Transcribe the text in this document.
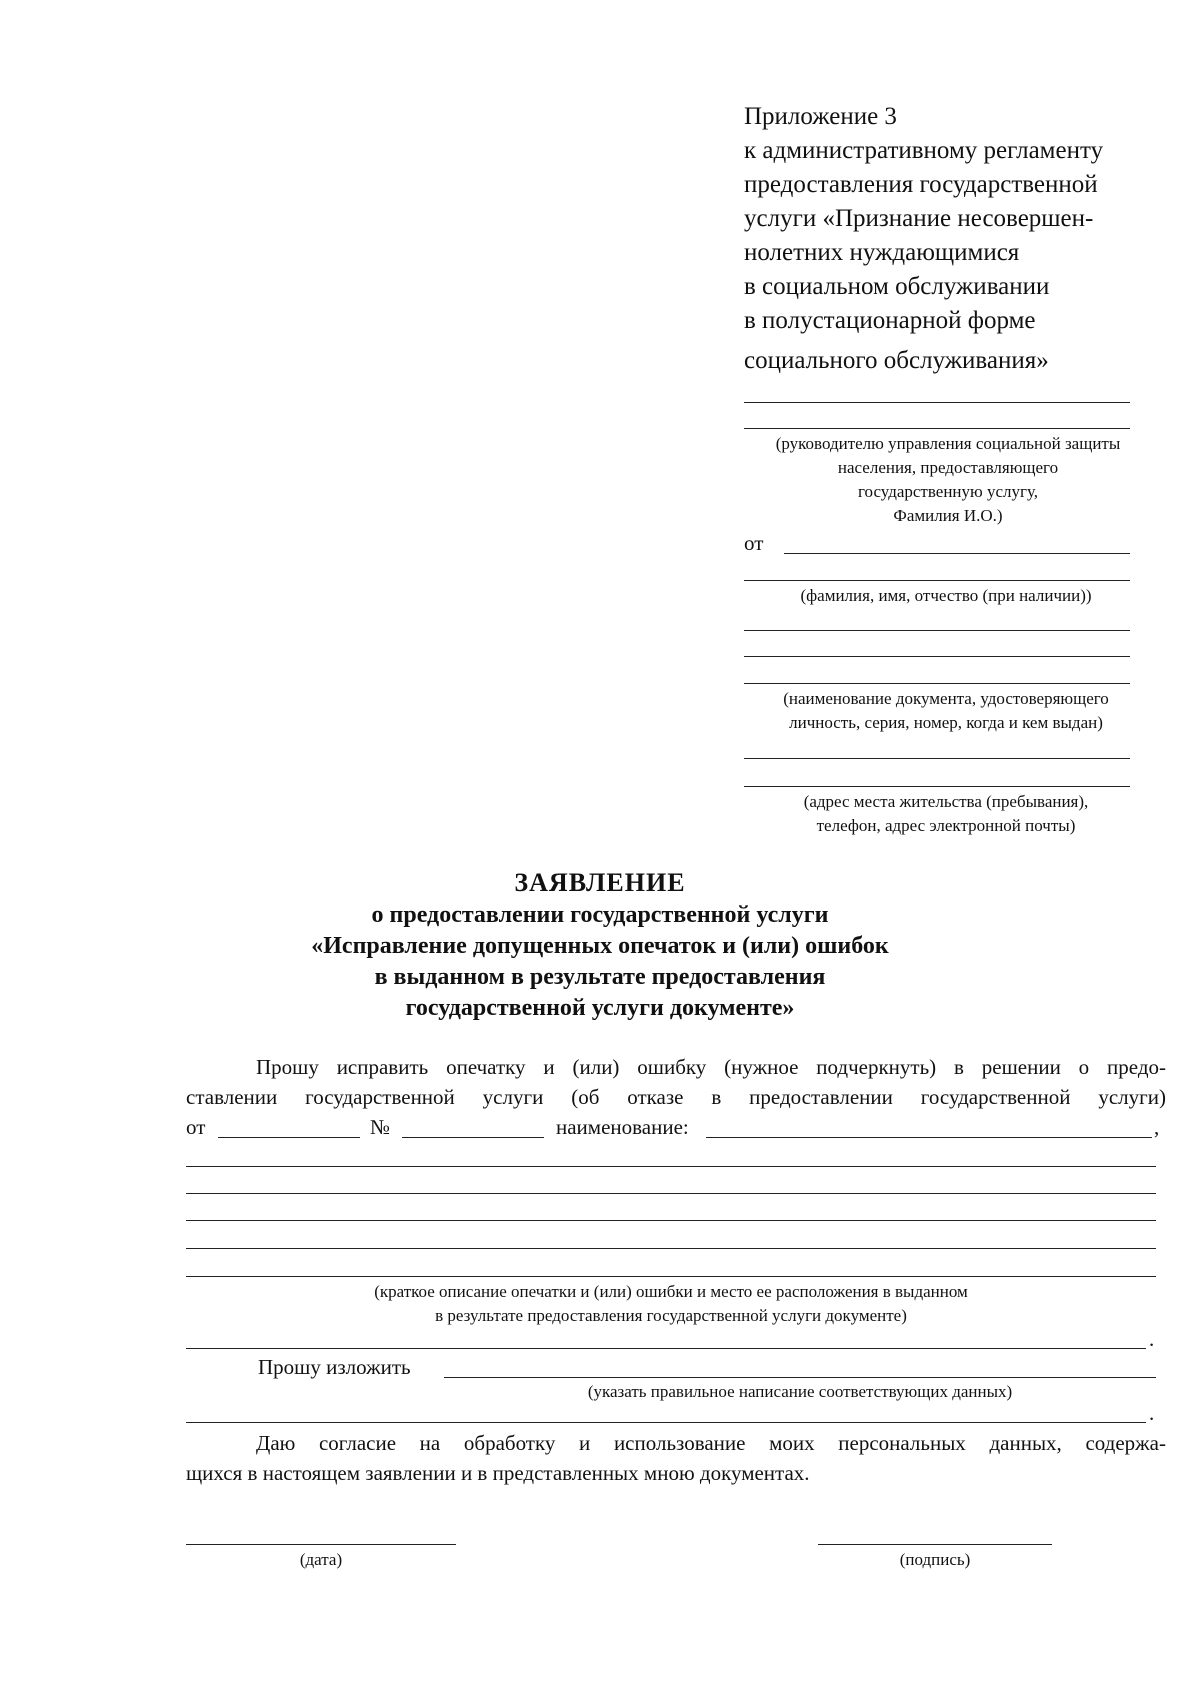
Приложение 3
к административному регламенту
предоставления государственной
услуги «Признание несовершен-
нолетних нуждающимися
в социальном обслуживании
в полустационарной форме
социального обслуживания»
(руководителю управления социальной защиты
населения, предоставляющего
государственную услугу,
Фамилия И.О.)
от
(фамилия, имя, отчество (при наличии))
(наименование документа, удостоверяющего
личность, серия, номер, когда и кем выдан)
(адрес места жительства (пребывания),
телефон, адрес электронной почты)
ЗАЯВЛЕНИЕ
о предоставлении государственной услуги
«Исправление допущенных опечаток и (или) ошибок
в выданном в результате предоставления
государственной услуги документе»
Прошу исправить опечатку и (или) ошибку (нужное подчеркнуть) в решении о предо-
ставлении государственной услуги (об отказе в предоставлении государственной услуги)
от	№	наименование:	,
(краткое описание опечатки и (или) ошибки и место ее расположения в выданном
в результате предоставления государственной услуги документе)
.
Прошу изложить
(указать правильное написание соответствующих данных)
.
Даю согласие на обработку и использование моих персональных данных, содержа-
щихся в настоящем заявлении и в представленных мною документах.
(дата)	(подпись)
